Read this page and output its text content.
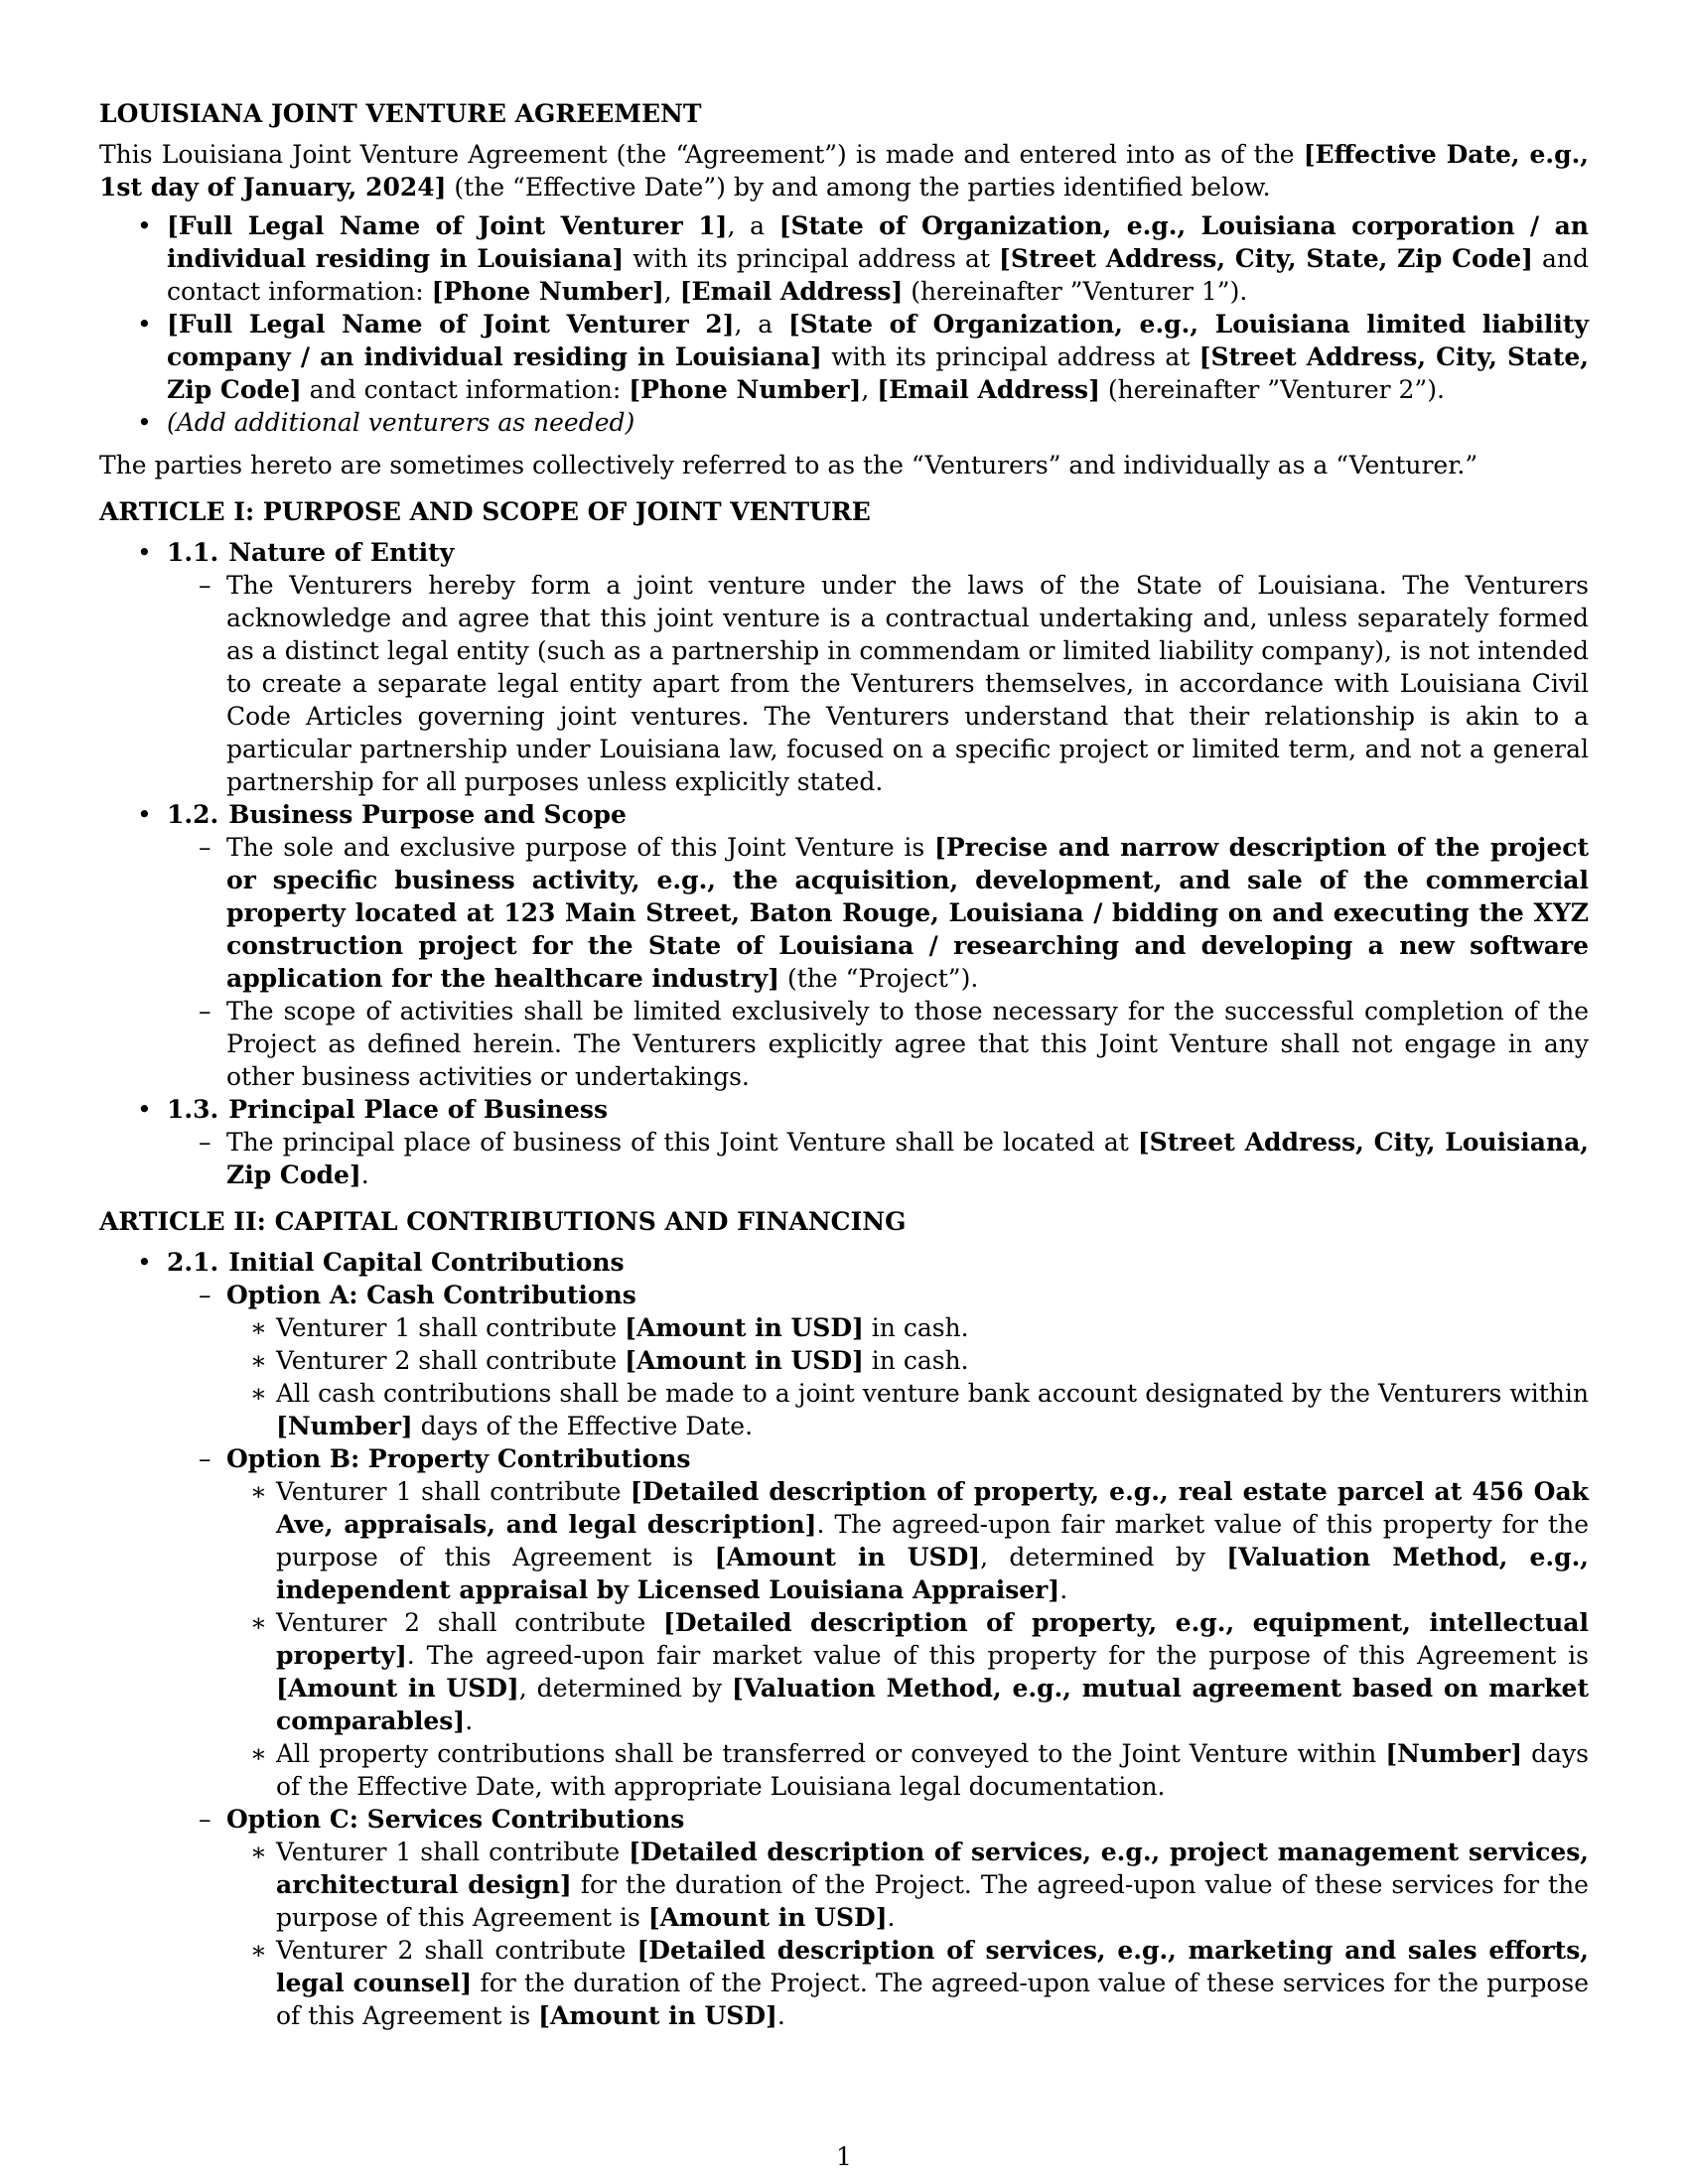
LOUISIANA JOINT VENTURE AGREEMENT

This Louisiana Joint Venture Agreement (the “Agreement”) is made and entered into as of the [Effective Date, e.g., 1st day of January, 2024] (the “Effective Date”) by and among the parties identified below.

• [Full Legal Name of Joint Venturer 1], a [State of Organization, e.g., Louisiana corporation / an individual residing in Louisiana] with its principal address at [Street Address, City, State, Zip Code] and contact information: [Phone Number], [Email Address] (hereinafter ”Venturer 1”).
• [Full Legal Name of Joint Venturer 2], a [State of Organization, e.g., Louisiana limited liability company / an individual residing in Louisiana] with its principal address at [Street Address, City, State, Zip Code] and contact information: [Phone Number], [Email Address] (hereinafter ”Venturer 2”).
• (Add additional venturers as needed)

The parties hereto are sometimes collectively referred to as the “Venturers” and individually as a “Venturer.”

ARTICLE I: PURPOSE AND SCOPE OF JOINT VENTURE
• 1.1. Nature of Entity
– The Venturers hereby form a joint venture under the laws of the State of Louisiana. The Venturers acknowledge and agree that this joint venture is a contractual undertaking and, unless separately formed as a distinct legal entity (such as a partnership in commendam or limited liability company), is not intended to create a separate legal entity apart from the Venturers themselves, in accordance with Louisiana Civil Code Articles governing joint ventures. The Venturers understand that their relationship is akin to a particular partnership under Louisiana law, focused on a specific project or limited term, and not a general partnership for all purposes unless explicitly stated.
• 1.2. Business Purpose and Scope
– The sole and exclusive purpose of this Joint Venture is [Precise and narrow description of the project or specific business activity, e.g., the acquisition, development, and sale of the commercial property located at 123 Main Street, Baton Rouge, Louisiana / bidding on and executing the XYZ construction project for the State of Louisiana / researching and developing a new software application for the healthcare industry] (the “Project”).
– The scope of activities shall be limited exclusively to those necessary for the successful completion of the Project as defined herein. The Venturers explicitly agree that this Joint Venture shall not engage in any other business activities or undertakings.
• 1.3. Principal Place of Business
– The principal place of business of this Joint Venture shall be located at [Street Address, City, Louisiana, Zip Code].
ARTICLE II: CAPITAL CONTRIBUTIONS AND FINANCING
• 2.1. Initial Capital Contributions
– Option A: Cash Contributions
∗ Venturer 1 shall contribute [Amount in USD] in cash.
∗ Venturer 2 shall contribute [Amount in USD] in cash.
∗ All cash contributions shall be made to a joint venture bank account designated by the Venturers within [Number] days of the Effective Date.
– Option B: Property Contributions
∗ Venturer 1 shall contribute [Detailed description of property, e.g., real estate parcel at 456 Oak Ave, appraisals, and legal description]. The agreed-upon fair market value of this property for the purpose of this Agreement is [Amount in USD], determined by [Valuation Method, e.g., independent appraisal by Licensed Louisiana Appraiser].
∗ Venturer 2 shall contribute [Detailed description of property, e.g., equipment, intellectual property]. The agreed-upon fair market value of this property for the purpose of this Agreement is [Amount in USD], determined by [Valuation Method, e.g., mutual agreement based on market comparables].
∗ All property contributions shall be transferred or conveyed to the Joint Venture within [Number] days of the Effective Date, with appropriate Louisiana legal documentation.
– Option C: Services Contributions
∗ Venturer 1 shall contribute [Detailed description of services, e.g., project management services, architectural design] for the duration of the Project. The agreed-upon value of these services for the purpose of this Agreement is [Amount in USD].
∗ Venturer 2 shall contribute [Detailed description of services, e.g., marketing and sales efforts, legal counsel] for the duration of the Project. The agreed-upon value of these services for the purpose of this Agreement is [Amount in USD].
1
